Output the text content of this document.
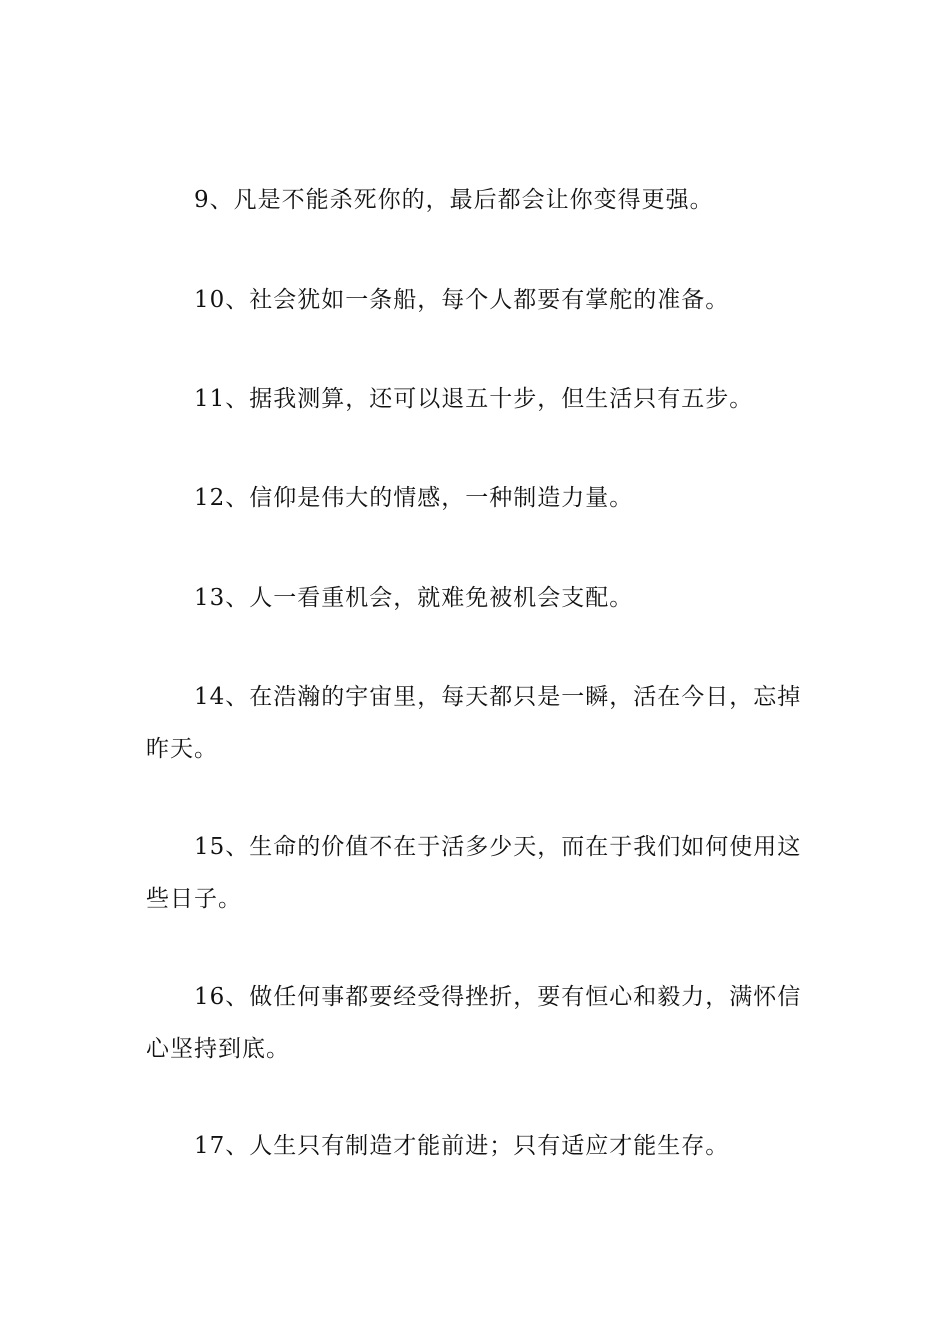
9、凡是不能杀死你的，最后都会让你变得更强。

10、社会犹如一条船，每个人都要有掌舵的准备。

11、据我测算，还可以退五十步，但生活只有五步。

12、信仰是伟大的情感，一种制造力量。

13、人一看重机会，就难免被机会支配。

14、在浩瀚的宇宙里，每天都只是一瞬，活在今日，忘掉昨天。

15、生命的价值不在于活多少天，而在于我们如何使用这些日子。

16、做任何事都要经受得挫折，要有恒心和毅力，满怀信心坚持到底。

17、人生只有制造才能前进；只有适应才能生存。
